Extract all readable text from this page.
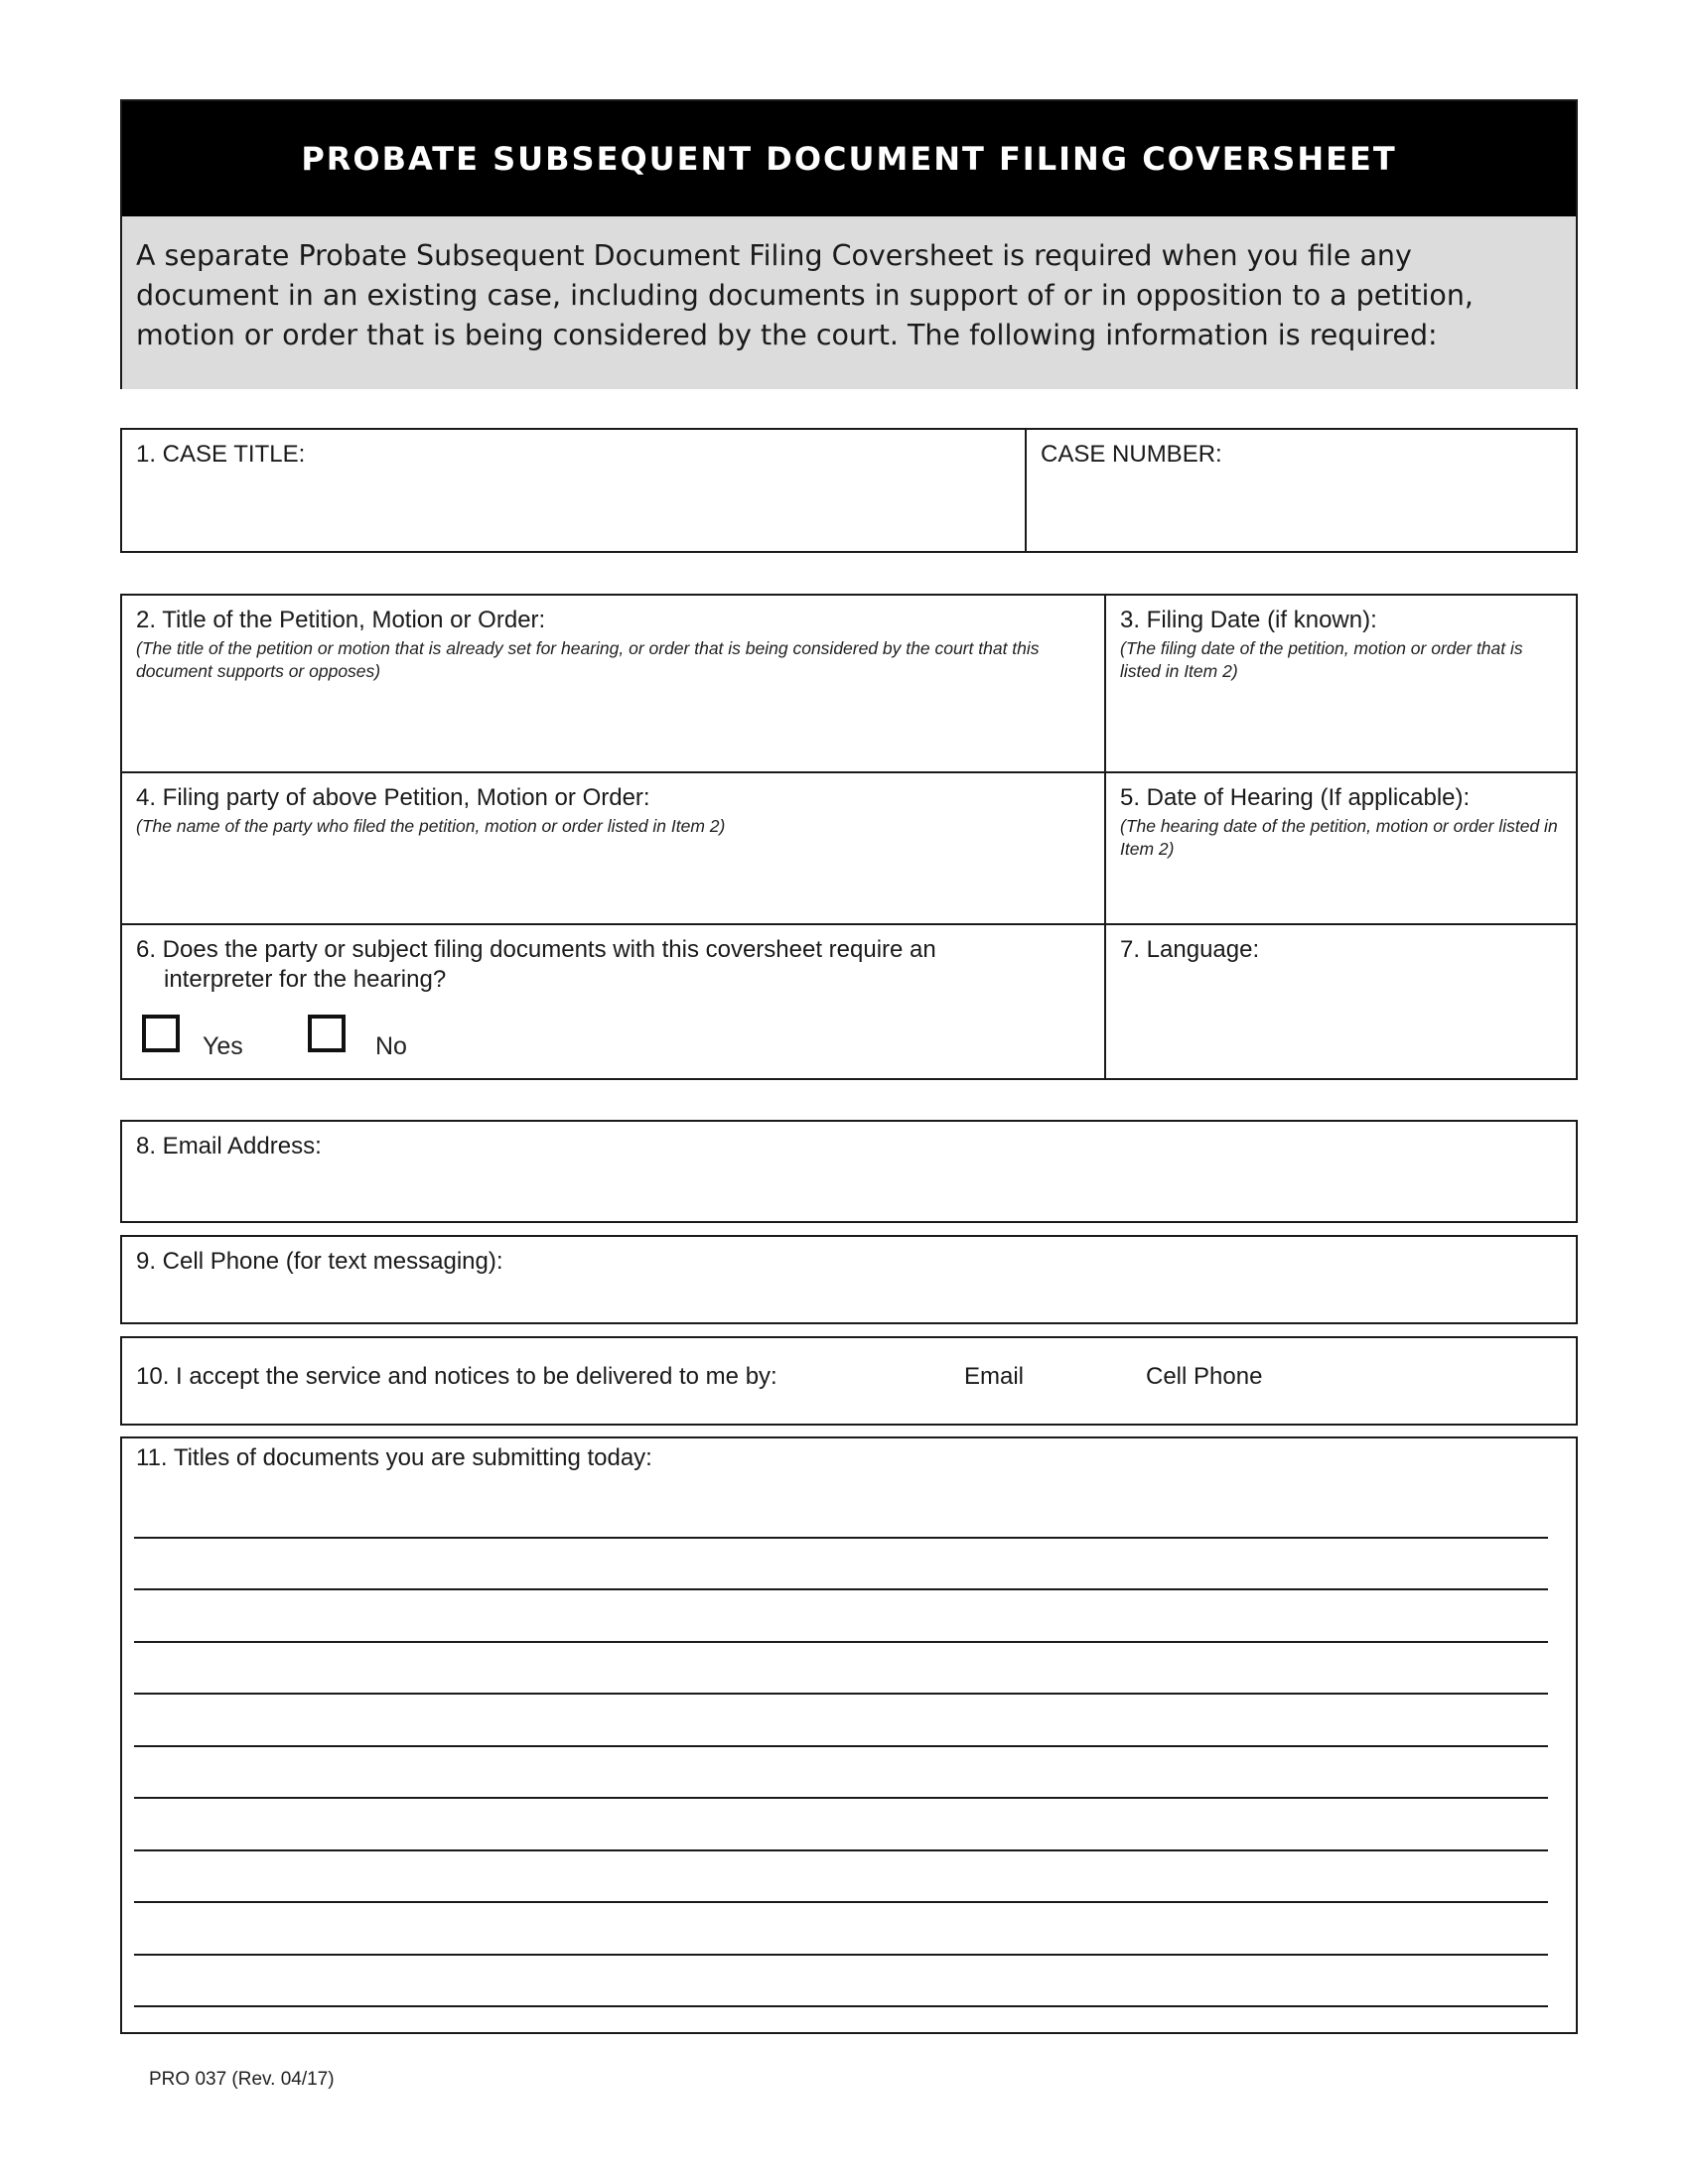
PROBATE SUBSEQUENT DOCUMENT FILING COVERSHEET
A separate Probate Subsequent Document Filing Coversheet is required when you file any document in an existing case, including documents in support of or in opposition to a petition, motion or order that is being considered by the court. The following information is required:
1. CASE TITLE:	CASE NUMBER:
2. Title of the Petition, Motion or Order:
(The title of the petition or motion that is already set for hearing, or order that is being considered by the court that this document supports or opposes)
3. Filing Date (if known):
(The filing date of the petition, motion or order that is listed in Item 2)
4. Filing party of above Petition, Motion or Order:
(The name of the party who filed the petition, motion or order listed in Item 2)
5. Date of Hearing (If applicable):
(The hearing date of the petition, motion or order listed in Item 2)
6. Does the party or subject filing documents with this coversheet require an
interpreter for the hearing?
Yes	No
7. Language:
8. Email Address:
9. Cell Phone (for text messaging):
10. I accept the service and notices to be delivered to me by:	Email	Cell Phone
11. Titles of documents you are submitting today:
PRO 037 (Rev. 04/17)
